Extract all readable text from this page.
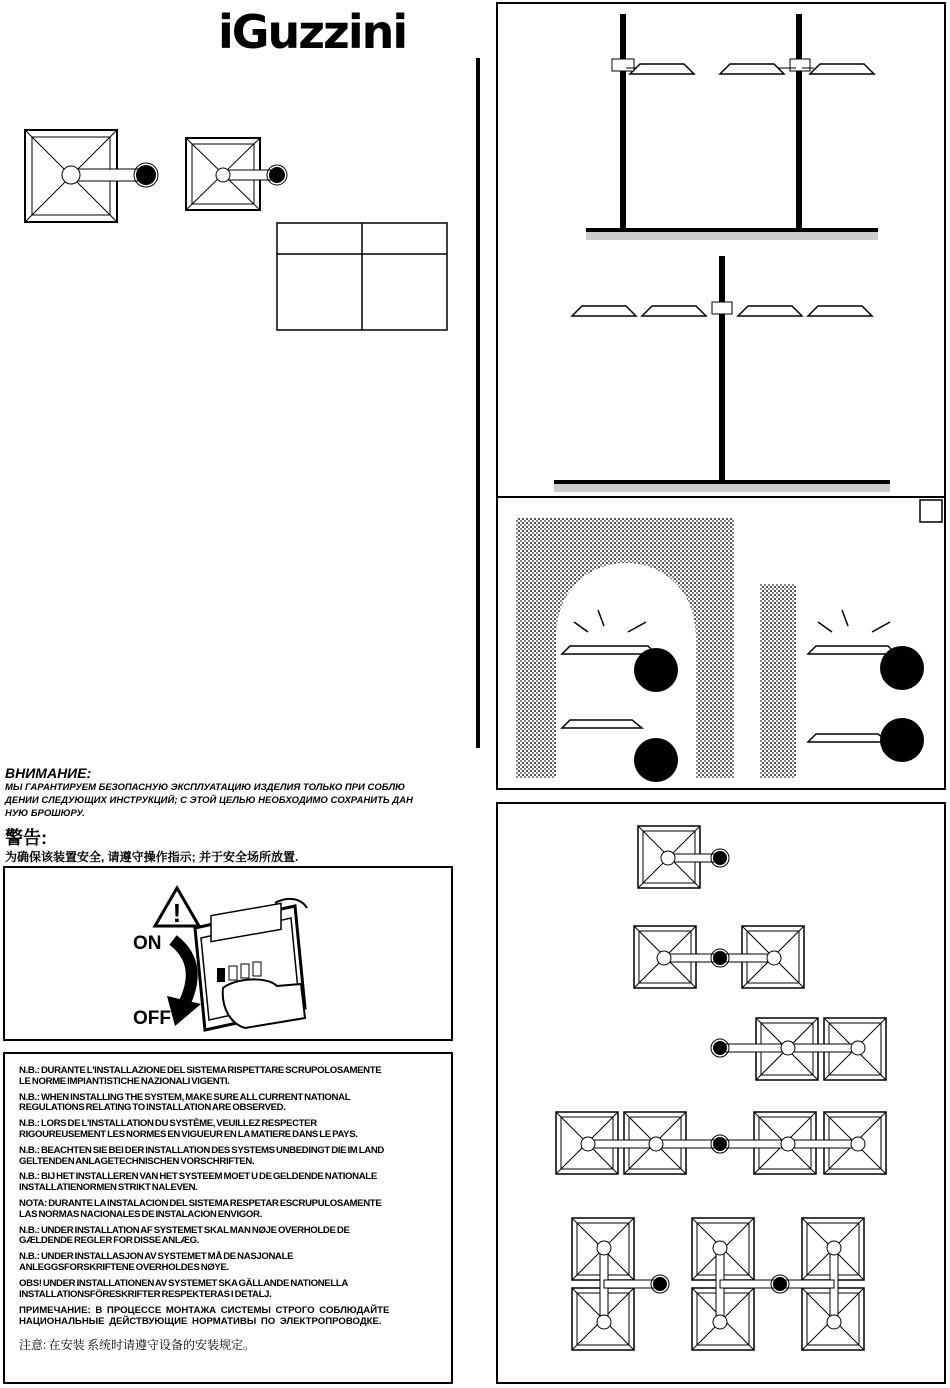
iGuzzini
ВНИМАНИЕ:
МЫ ГАРАНТИРУЕМ БЕЗОПАСНУЮ ЭКСПЛУАТАЦИЮ ИЗДЕЛИЯ ТОЛЬКО ПРИ СОБЛЮ
ДЕНИИ СЛЕДУЮЩИХ ИНСТРУКЦИЙ; С ЭТОЙ ЦЕЛЬЮ НЕОБХОДИМО СОХРАНИТЬ ДАН
НУЮ БРОШЮРУ.
警告:
为确保该装置安全, 请遵守操作指示; 并于安全场所放置.
!
ON
OFF

N.B.: DURANTE L'INSTALLAZIONE DEL SISTEMA RISPETTARE SCRUPOLOSAMENTE
LE NORME IMPIANTISTICHE NAZIONALI VIGENTI.

N.B.: WHEN INSTALLING THE SYSTEM, MAKE SURE ALL CURRENT NATIONAL
REGULATIONS RELATING TO INSTALLATION ARE OBSERVED.

N.B.: LORS DE L'INSTALLATION DU SYSTÈME, VEUILLEZ RESPECTER
RIGOUREUSEMENT LES NORMES EN VIGUEUR EN LA MATIERE DANS LE PAYS.

N.B.: BEACHTEN SIE BEI DER INSTALLATION DES SYSTEMS UNBEDINGT DIE IM LAND
GELTENDEN ANLAGETECHNISCHEN VORSCHRIFTEN.

N.B.: BIJ HET INSTALLEREN VAN HET SYSTEEM MOET U DE GELDENDE NATIONALE
INSTALLATIENORMEN STRIKT NALEVEN.

NOTA: DURANTE LA INSTALACION DEL SISTEMA RESPETAR ESCRUPULOSAMENTE
LAS NORMAS NACIONALES DE INSTALACION ENVIGOR.

N.B.: UNDER INSTALLATION AF SYSTEMET SKAL MAN NØJE OVERHOLDE DE
GÆLDENDE REGLER FOR DISSE ANLÆG.

N.B.: UNDER INSTALLASJON AV SYSTEMET MÅ DE NASJONALE
ANLEGGSFORSKRIFTENE OVERHOLDES NØYE.

OBS! UNDER INSTALLATIONEN AV SYSTEMET SKA GÄLLANDE NATIONELLA
INSTALLATIONSFÖRESKRIFTER RESPEKTERAS I DETALJ.

ПРИМЕЧАНИЕ: В ПРОЦЕССЕ МОНТАЖА СИСТЕМЫ СТРОГО СОБЛЮДАЙТЕ
НАЦИОНАЛЬНЫЕ ДЕЙСТВУЮЩИЕ НОРМАТИВЫ ПО ЭЛЕКТРОПРОВОДКЕ.

注意: 在安装 系统时请遵守设备的安装规定。
